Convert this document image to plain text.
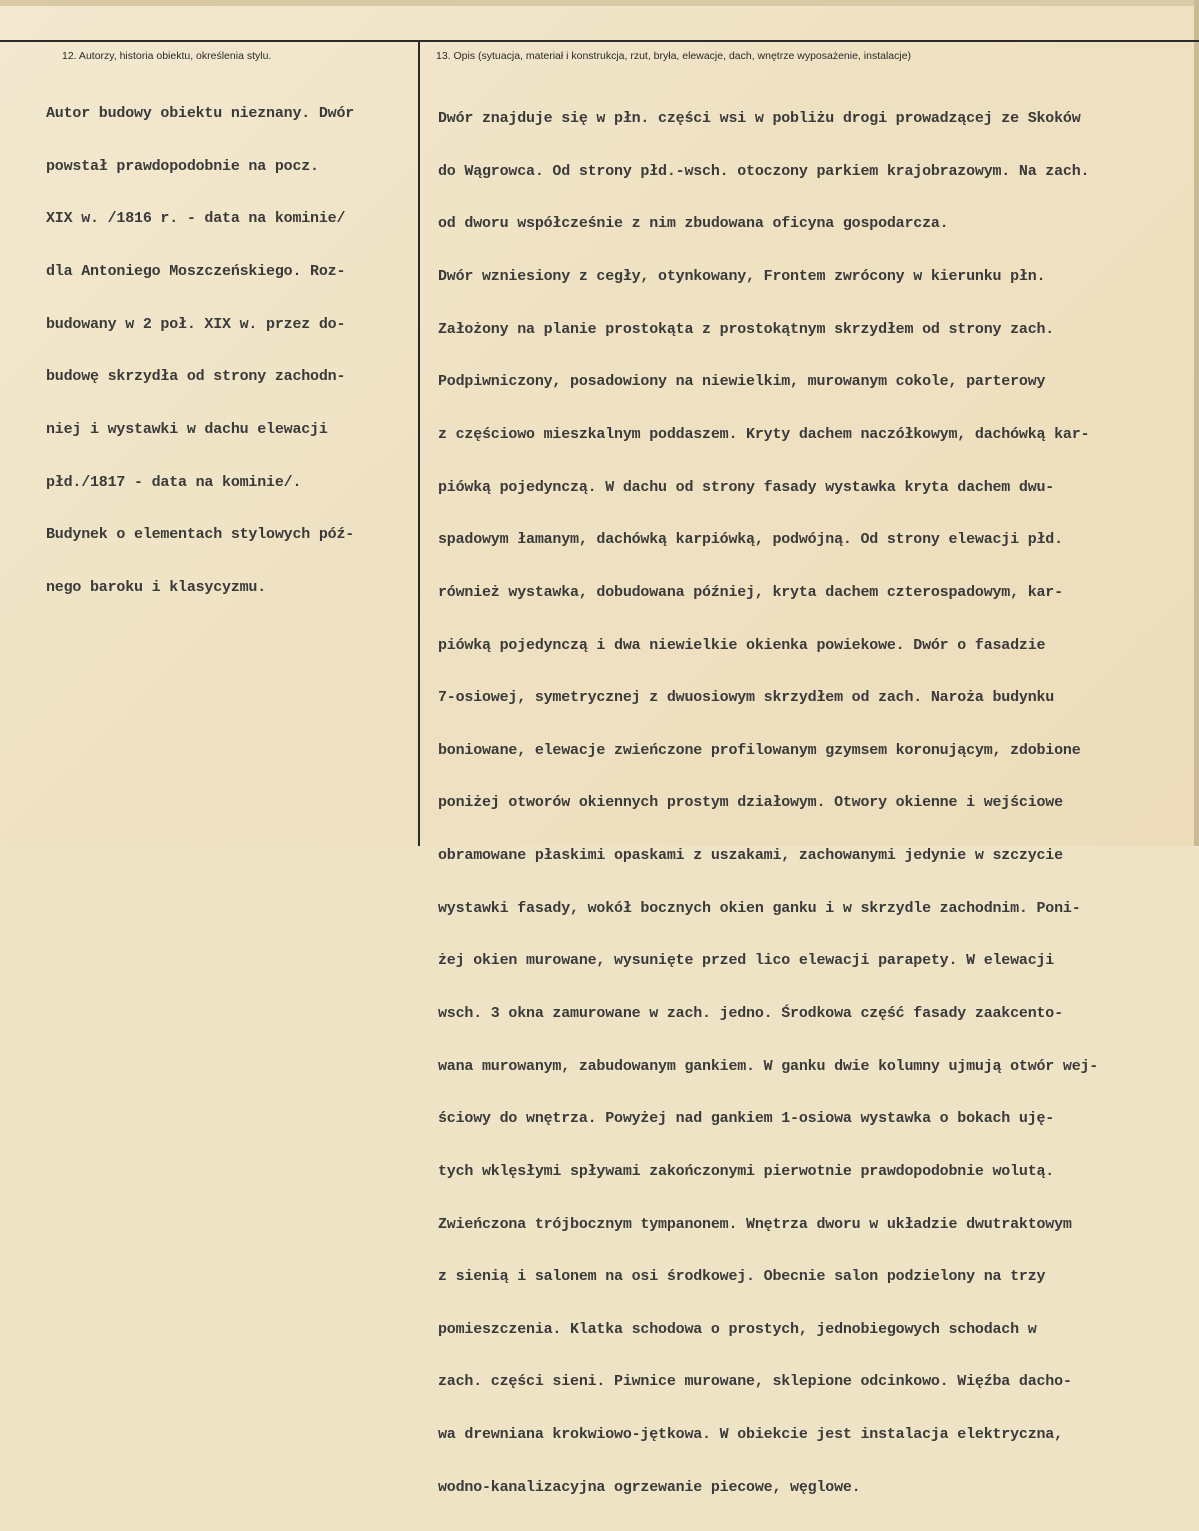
12. Autorzy, historia obiektu, określenia stylu.	13. Opis (sytuacja, materiał i konstrukcja, rzut, bryła, elewacje, dach, wnętrze wyposażenie, instalacje)

Autor budowy obiektu nieznany. Dwór

powstał prawdopodobnie na pocz.

XIX w. /1816 r. - data na kominie/

dla Antoniego Moszczeńskiego. Roz-

budowany w 2 poł. XIX w. przez do-

budowę skrzydła od strony zachodn-

niej i wystawki w dachu elewacji

płd./1817 - data na kominie/.

Budynek o elementach stylowych póź-

nego baroku i klasycyzmu.

Dwór znajduje się w płn. części wsi w pobliżu drogi prowadzącej ze Skoków

do Wągrowca. Od strony płd.-wsch. otoczony parkiem krajobrazowym. Na zach.

od dworu współcześnie z nim zbudowana oficyna gospodarcza.

Dwór wzniesiony z cegły, otynkowany, Frontem zwrócony w kierunku płn.

Założony na planie prostokąta z prostokątnym skrzydłem od strony zach.

Podpiwniczony, posadowiony na niewielkim, murowanym cokole, parterowy

z częściowo mieszkalnym poddaszem. Kryty dachem naczółkowym, dachówką kar-

piówką pojedynczą. W dachu od strony fasady wystawka kryta dachem dwu-

spadowym łamanym, dachówką karpiówką, podwójną. Od strony elewacji płd.

również wystawka, dobudowana później, kryta dachem czterospadowym, kar-

piówką pojedynczą i dwa niewielkie okienka powiekowe. Dwór o fasadzie

7-osiowej, symetrycznej z dwuosiowym skrzydłem od zach. Naroża budynku

boniowane, elewacje zwieńczone profilowanym gzymsem koronującym, zdobione

poniżej otworów okiennych prostym działowym. Otwory okienne i wejściowe

obramowane płaskimi opaskami z uszakami, zachowanymi jedynie w szczycie

wystawki fasady, wokół bocznych okien ganku i w skrzydle zachodnim. Poni-

żej okien murowane, wysunięte przed lico elewacji parapety. W elewacji

wsch. 3 okna zamurowane w zach. jedno. Środkowa część fasady zaakcento-

wana murowanym, zabudowanym gankiem. W ganku dwie kolumny ujmują otwór wej-

ściowy do wnętrza. Powyżej nad gankiem 1-osiowa wystawka o bokach uję-

tych wklęsłymi spływami zakończonymi pierwotnie prawdopodobnie wolutą.

Zwieńczona trójbocznym tympanonem. Wnętrza dworu w układzie dwutraktowym

z sienią i salonem na osi środkowej. Obecnie salon podzielony na trzy

pomieszczenia. Klatka schodowa o prostych, jednobiegowych schodach w

zach. części sieni. Piwnice murowane, sklepione odcinkowo. Więźba dacho-

wa drewniana krokwiowo-jętkowa. W obiekcie jest instalacja elektryczna,

wodno-kanalizacyjna ogrzewanie piecowe, węglowe.
